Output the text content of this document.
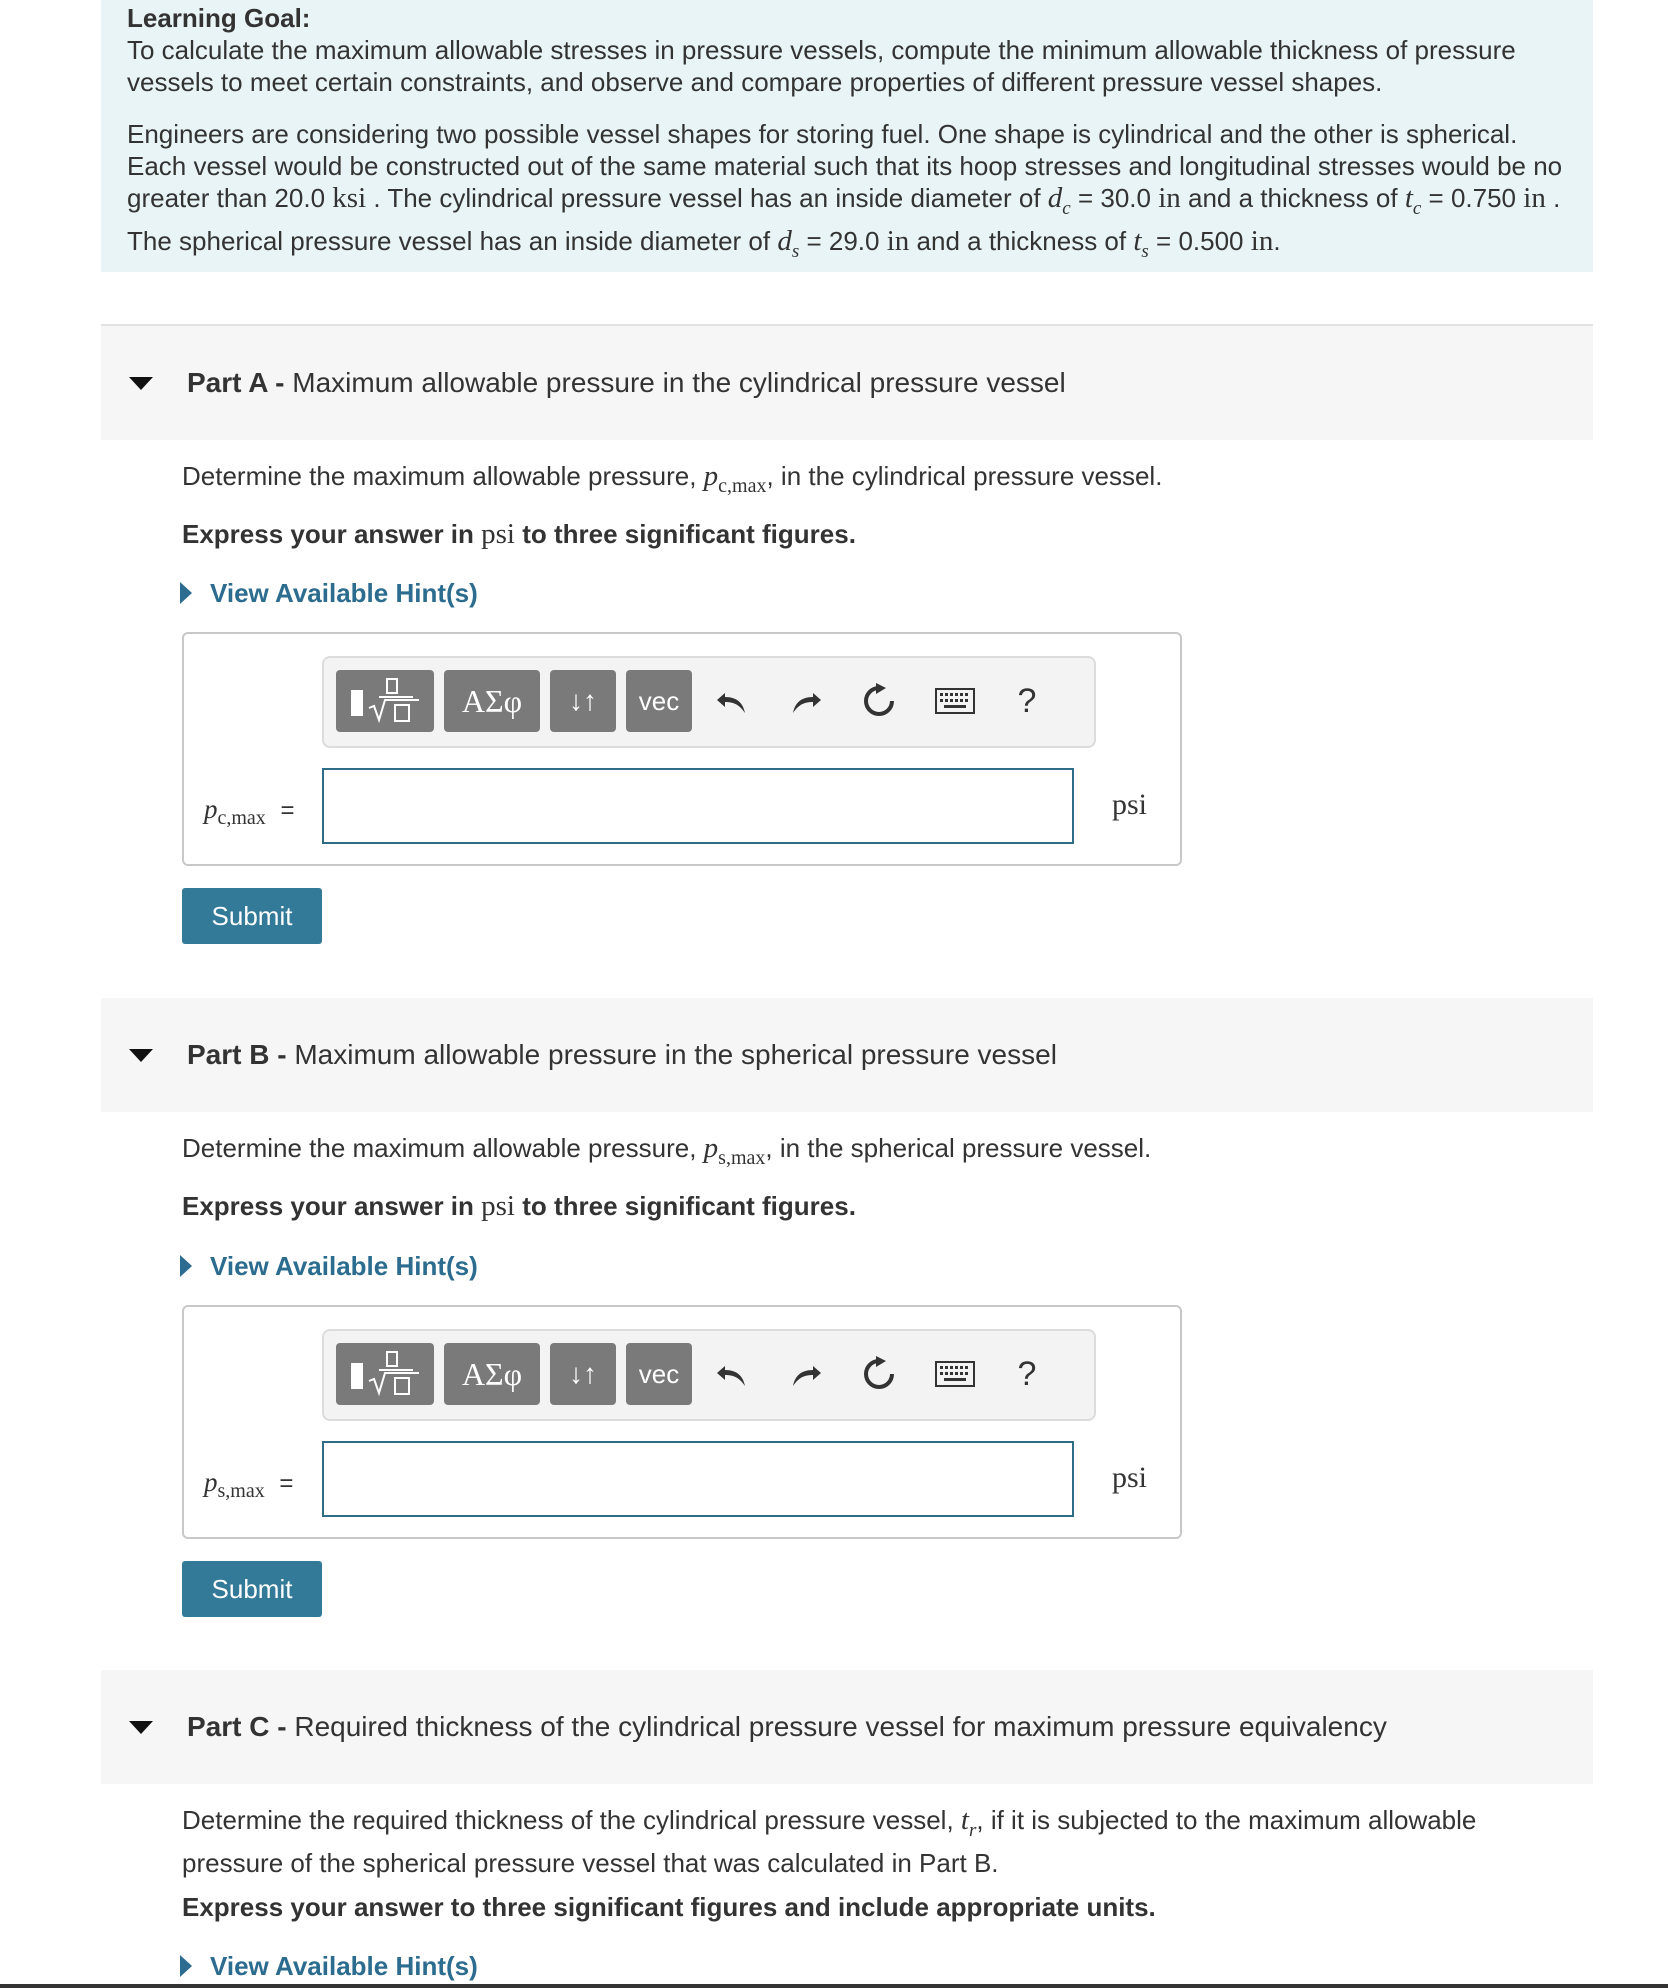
Learning Goal:

To calculate the maximum allowable stresses in pressure vessels, compute the minimum allowable thickness of pressure vessels to meet certain constraints, and observe and compare properties of different pressure vessel shapes.

Engineers are considering two possible vessel shapes for storing fuel. One shape is cylindrical and the other is spherical. Each vessel would be constructed out of the same material such that its hoop stresses and longitudinal stresses would be no greater than 20.0 ksi . The cylindrical pressure vessel has an inside diameter of $d_c = 30.0$ in and a thickness of $t_c = 0.750$ in . The spherical pressure vessel has an inside diameter of $d_s = 29.0$ in and a thickness of $t_s = 0.500$ in.

Part A - Maximum allowable pressure in the cylindrical pressure vessel
Determine the maximum allowable pressure, $p_{c,max}$, in the cylindrical pressure vessel.
Express your answer in psi to three significant figures.
View Available Hint(s)
ΑΣφ	↓↑	vec	?
$p_{c,max}$ =	psi
Submit
Part B - Maximum allowable pressure in the spherical pressure vessel
Determine the maximum allowable pressure, $p_{s,max}$, in the spherical pressure vessel.
Express your answer in psi to three significant figures.
View Available Hint(s)
ΑΣφ	↓↑	vec	?
$p_{s,max}$ =	psi
Submit
Part C - Required thickness of the cylindrical pressure vessel for maximum pressure equivalency
Determine the required thickness of the cylindrical pressure vessel, $t_r$, if it is subjected to the maximum allowable
pressure of the spherical pressure vessel that was calculated in Part B.
Express your answer to three significant figures and include appropriate units.
View Available Hint(s)
